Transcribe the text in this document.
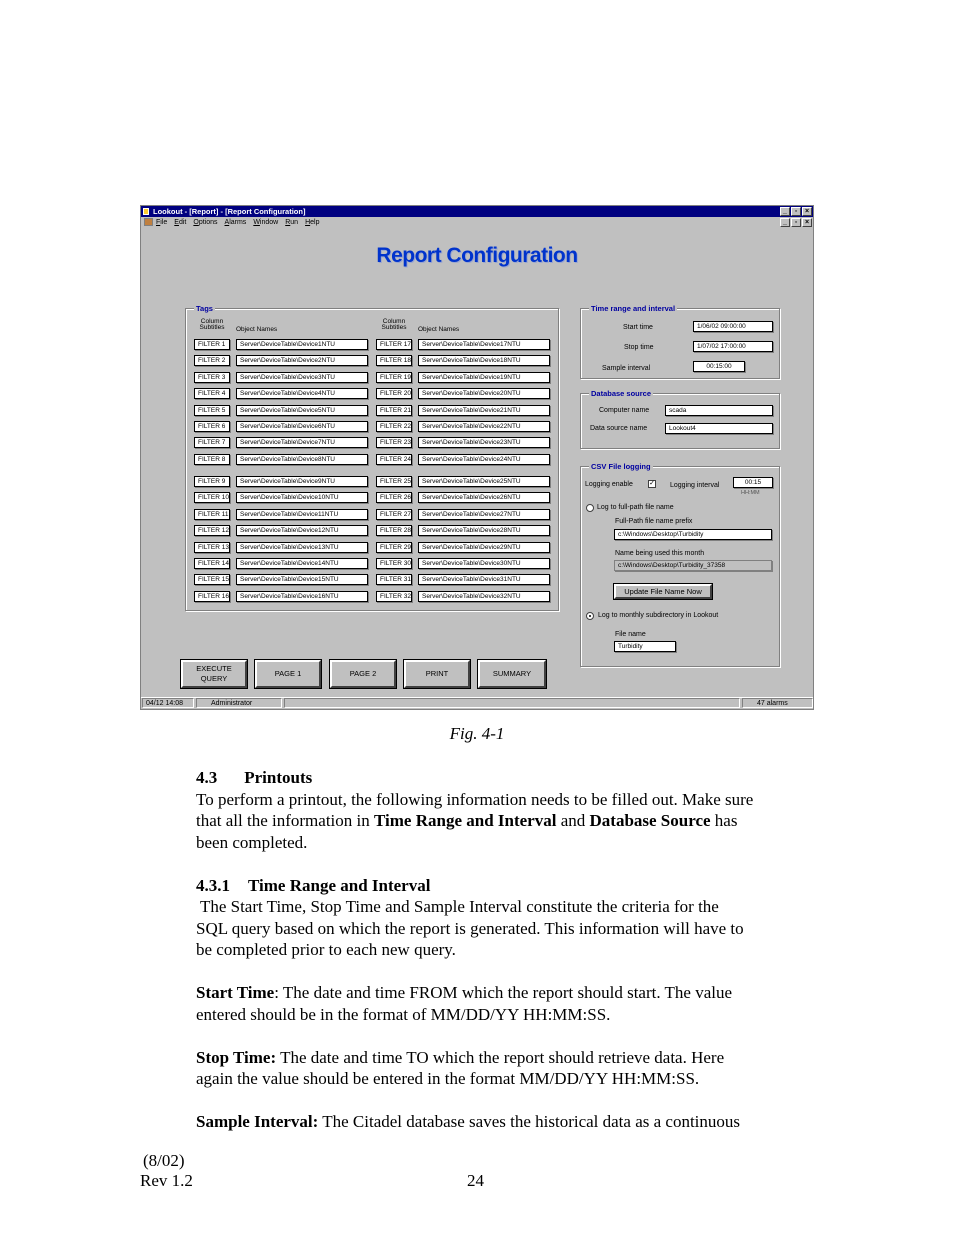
Lookout - [Report] - [Report Configuration]	_	▫	×
File Edit Options Alarms Window Run Help	_	▫	×
Report Configuration
Tags
Column Subtitles	Object Names
Column Subtitles	Object Names
FILTER 1	Server\DeviceTable\Device1NTU
FILTER 2	Server\DeviceTable\Device2NTU
FILTER 3	Server\DeviceTable\Device3NTU
FILTER 4	Server\DeviceTable\Device4NTU
FILTER 5	Server\DeviceTable\Device5NTU
FILTER 6	Server\DeviceTable\Device6NTU
FILTER 7	Server\DeviceTable\Device7NTU
FILTER 8	Server\DeviceTable\Device8NTU
FILTER 9	Server\DeviceTable\Device9NTU
FILTER 10	Server\DeviceTable\Device10NTU
FILTER 11	Server\DeviceTable\Device11NTU
FILTER 12	Server\DeviceTable\Device12NTU
FILTER 13	Server\DeviceTable\Device13NTU
FILTER 14	Server\DeviceTable\Device14NTU
FILTER 15	Server\DeviceTable\Device15NTU
FILTER 16	Server\DeviceTable\Device16NTU
FILTER 17	Server\DeviceTable\Device17NTU
FILTER 18	Server\DeviceTable\Device18NTU
FILTER 19	Server\DeviceTable\Device19NTU
FILTER 20	Server\DeviceTable\Device20NTU
FILTER 21	Server\DeviceTable\Device21NTU
FILTER 22	Server\DeviceTable\Device22NTU
FILTER 23	Server\DeviceTable\Device23NTU
FILTER 24	Server\DeviceTable\Device24NTU
FILTER 25	Server\DeviceTable\Device25NTU
FILTER 26	Server\DeviceTable\Device26NTU
FILTER 27	Server\DeviceTable\Device27NTU
FILTER 28	Server\DeviceTable\Device28NTU
FILTER 29	Server\DeviceTable\Device29NTU
FILTER 30	Server\DeviceTable\Device30NTU
FILTER 31	Server\DeviceTable\Device31NTU
FILTER 32	Server\DeviceTable\Device32NTU
Time range and interval
Start time	1/06/02 09:00:00
Stop time	1/07/02 17:00:00
Sample interval	00:15:00
Database source
Computer name	scada
Data source name	Lookout4
CSV File logging
Logging enable ✓ Logging interval	00:15
HH:MM
Log to full-path file name
Full-Path file name prefix
c:\Windows\Desktop\Turbidity
Name being used this month
c:\Windows\Desktop\Turbidity_37358
Update File Name Now
Log to monthly subdirectory in Lookout
File name
Turbidity
EXECUTE
QUERY
PAGE 1	PAGE 2	PRINT	SUMMARY
04/12 14:08	Administrator	47 alarms
Fig. 4-1
4.3 Printouts
To perform a printout, the following information needs to be filled out. Make sure
that all the information in Time Range and Interval and Database Source has
been completed.
4.3.1 Time Range and Interval
The Start Time, Stop Time and Sample Interval constitute the criteria for the
SQL query based on which the report is generated. This information will have to
be completed prior to each new query.
Start Time: The date and time FROM which the report should start. The value
entered should be in the format of MM/DD/YY HH:MM:SS.
Stop Time: The date and time TO which the report should retrieve data. Here
again the value should be entered in the format MM/DD/YY HH:MM:SS.
Sample Interval: The Citadel database saves the historical data as a continuous
(8/02)
Rev 1.2	24
